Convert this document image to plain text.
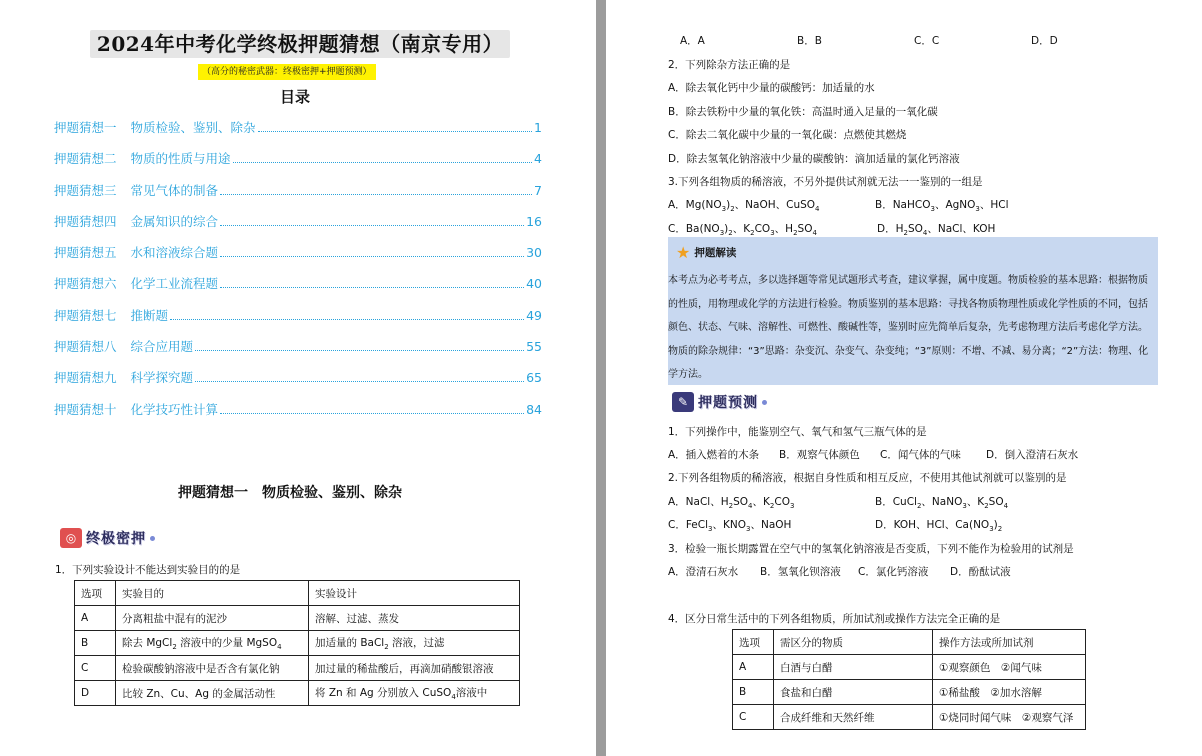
2024年中考化学终极押题猜想（南京专用）
（高分的秘密武器：终极密押+押题预测）
目录
押题猜想一 物质检验、鉴别、除杂	1
押题猜想二 物质的性质与用途	4
押题猜想三 常见气体的制备	7
押题猜想四 金属知识的综合	16
押题猜想五 水和溶液综合题	30
押题猜想六 化学工业流程题	40
押题猜想七 推断题	49
押题猜想八 综合应用题	55
押题猜想九 科学探究题	65
押题猜想十 化学技巧性计算	84
押题猜想一　物质检验、鉴别、除杂
◎ 终极密押
1．下列实验设计不能达到实验目的的是
选项	实验目的	实验设计
A	分离粗盐中混有的泥沙	溶解、过滤、蒸发
B	除去 MgCl$_2$ 溶液中的少量 MgSO$_4$	加适量的 BaCl$_2$ 溶液，过滤
C	检验碳酸钠溶液中是否含有氯化钠	加过量的稀盐酸后，再滴加硝酸银溶液
D	比较 Zn、Cu、Ag 的金属活动性	将 Zn 和 Ag 分别放入 CuSO$_4$溶液中
A．A	B．B	C．C	D．D
2．下列除杂方法正确的是
A．除去氧化钙中少量的碳酸钙：加适量的水
B．除去铁粉中少量的氧化铁：高温时通入足量的一氧化碳
C．除去二氧化碳中少量的一氧化碳：点燃使其燃烧
D．除去氢氧化钠溶液中少量的碳酸钠：滴加适量的氯化钙溶液
3.下列各组物质的稀溶液，不另外提供试剂就无法一一鉴别的一组是
A．$Mg(NO_3)_2$、NaOH、CuSO$_4$	B．NaHCO$_3$、AgNO$_3$、HCl
C．$Ba(NO_3)_2$、$K_2CO_3$、$H_2SO_4$	D．$H_2SO_4$、NaCl、KOH
★ 押题解读
本考点为必考考点，多以选择题等常见试题形式考查，建议掌握，属中度题。物质检验的基本思路：根据物质的性质，用物理或化学的方法进行检验。物质鉴别的基本思路：寻找各物质物理性质或化学性质的不同，包括颜色、状态、气味、溶解性、可燃性、酸碱性等，鉴别时应先简单后复杂，先考虑物理方法后考虑化学方法。物质的除杂规律：“3”思路：杂变沉、杂变气、杂变纯；“3”原则：不增、不减、易分离；“2”方法：物理、化学方法。
✎ 押题预测
1．下列操作中，能鉴别空气、氧气和氢气三瓶气体的是
A．插入燃着的木条 B．观察气体颜色 C．闻气体的气味 D．倒入澄清石灰水
2.下列各组物质的稀溶液，根据自身性质和相互反应，不使用其他试剂就可以鉴别的是
A．NaCl、$H_2SO_4$、$K_2CO_3$	B．CuCl$_2$、NaNO$_3$、$K_2SO_4$
C．FeCl$_3$、$KNO_3$、NaOH	D．KOH、HCl、$Ca(NO_3)_2$
3．检验一瓶长期露置在空气中的氢氧化钠溶液是否变质，下列不能作为检验用的试剂是
A．澄清石灰水 B．氢氧化钡溶液 C．氯化钙溶液 D．酚酞试液
4．区分日常生活中的下列各组物质，所加试剂或操作方法完全正确的是
选项	需区分的物质	操作方法或所加试剂
A	白酒与白醋	①观察颜色　②闻气味
B	食盐和白醋	①稀盐酸　②加水溶解
C	合成纤维和天然纤维	①烧同时闻气味　②观察气泽
